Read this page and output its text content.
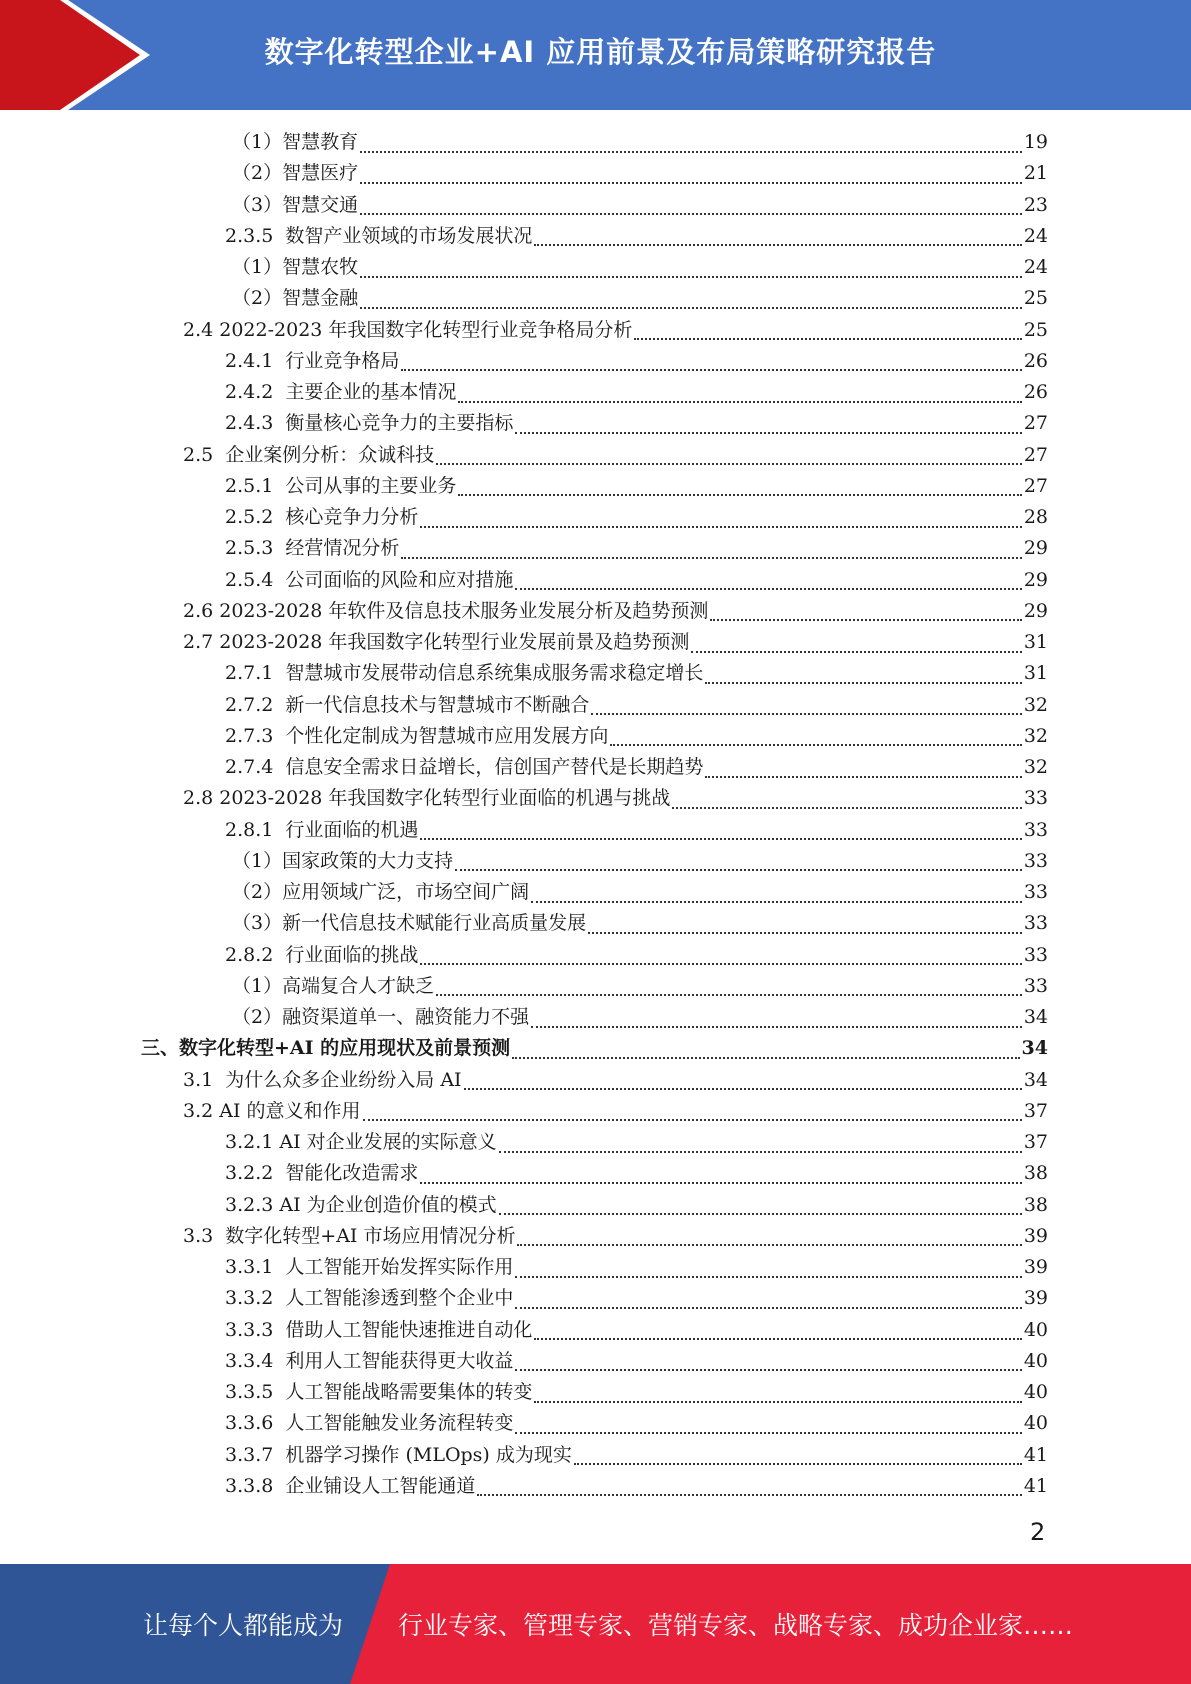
数字化转型企业+AI 应用前景及布局策略研究报告
（1）智慧教育	19
（2）智慧医疗	21
（3）智慧交通	23
2.3.5  数智产业领域的市场发展状况	24
（1）智慧农牧	24
（2）智慧金融	25
2.4 2022-2023 年我国数字化转型行业竞争格局分析	25
2.4.1  行业竞争格局	26
2.4.2  主要企业的基本情况	26
2.4.3  衡量核心竞争力的主要指标	27
2.5  企业案例分析：众诚科技	27
2.5.1  公司从事的主要业务	27
2.5.2  核心竞争力分析	28
2.5.3  经营情况分析	29
2.5.4  公司面临的风险和应对措施	29
2.6 2023-2028 年软件及信息技术服务业发展分析及趋势预测	29
2.7 2023-2028 年我国数字化转型行业发展前景及趋势预测	31
2.7.1  智慧城市发展带动信息系统集成服务需求稳定增长	31
2.7.2  新一代信息技术与智慧城市不断融合	32
2.7.3  个性化定制成为智慧城市应用发展方向	32
2.7.4  信息安全需求日益增长，信创国产替代是长期趋势	32
2.8 2023-2028 年我国数字化转型行业面临的机遇与挑战	33
2.8.1  行业面临的机遇	33
（1）国家政策的大力支持	33
（2）应用领域广泛，市场空间广阔	33
（3）新一代信息技术赋能行业高质量发展	33
2.8.2  行业面临的挑战	33
（1）高端复合人才缺乏	33
（2）融资渠道单一、融资能力不强	34
三、数字化转型+AI 的应用现状及前景预测	34
3.1  为什么众多企业纷纷入局 AI	34
3.2 AI 的意义和作用	37
3.2.1 AI 对企业发展的实际意义	37
3.2.2  智能化改造需求	38
3.2.3 AI 为企业创造价值的模式	38
3.3  数字化转型+AI 市场应用情况分析	39
3.3.1  人工智能开始发挥实际作用	39
3.3.2  人工智能渗透到整个企业中	39
3.3.3  借助人工智能快速推进自动化	40
3.3.4  利用人工智能获得更大收益	40
3.3.5  人工智能战略需要集体的转变	40
3.3.6  人工智能触发业务流程转变	40
3.3.7  机器学习操作 (MLOps) 成为现实	41
3.3.8  企业铺设人工智能通道	41
2
让每个人都能成为 行业专家、管理专家、营销专家、战略专家、成功企业家……
